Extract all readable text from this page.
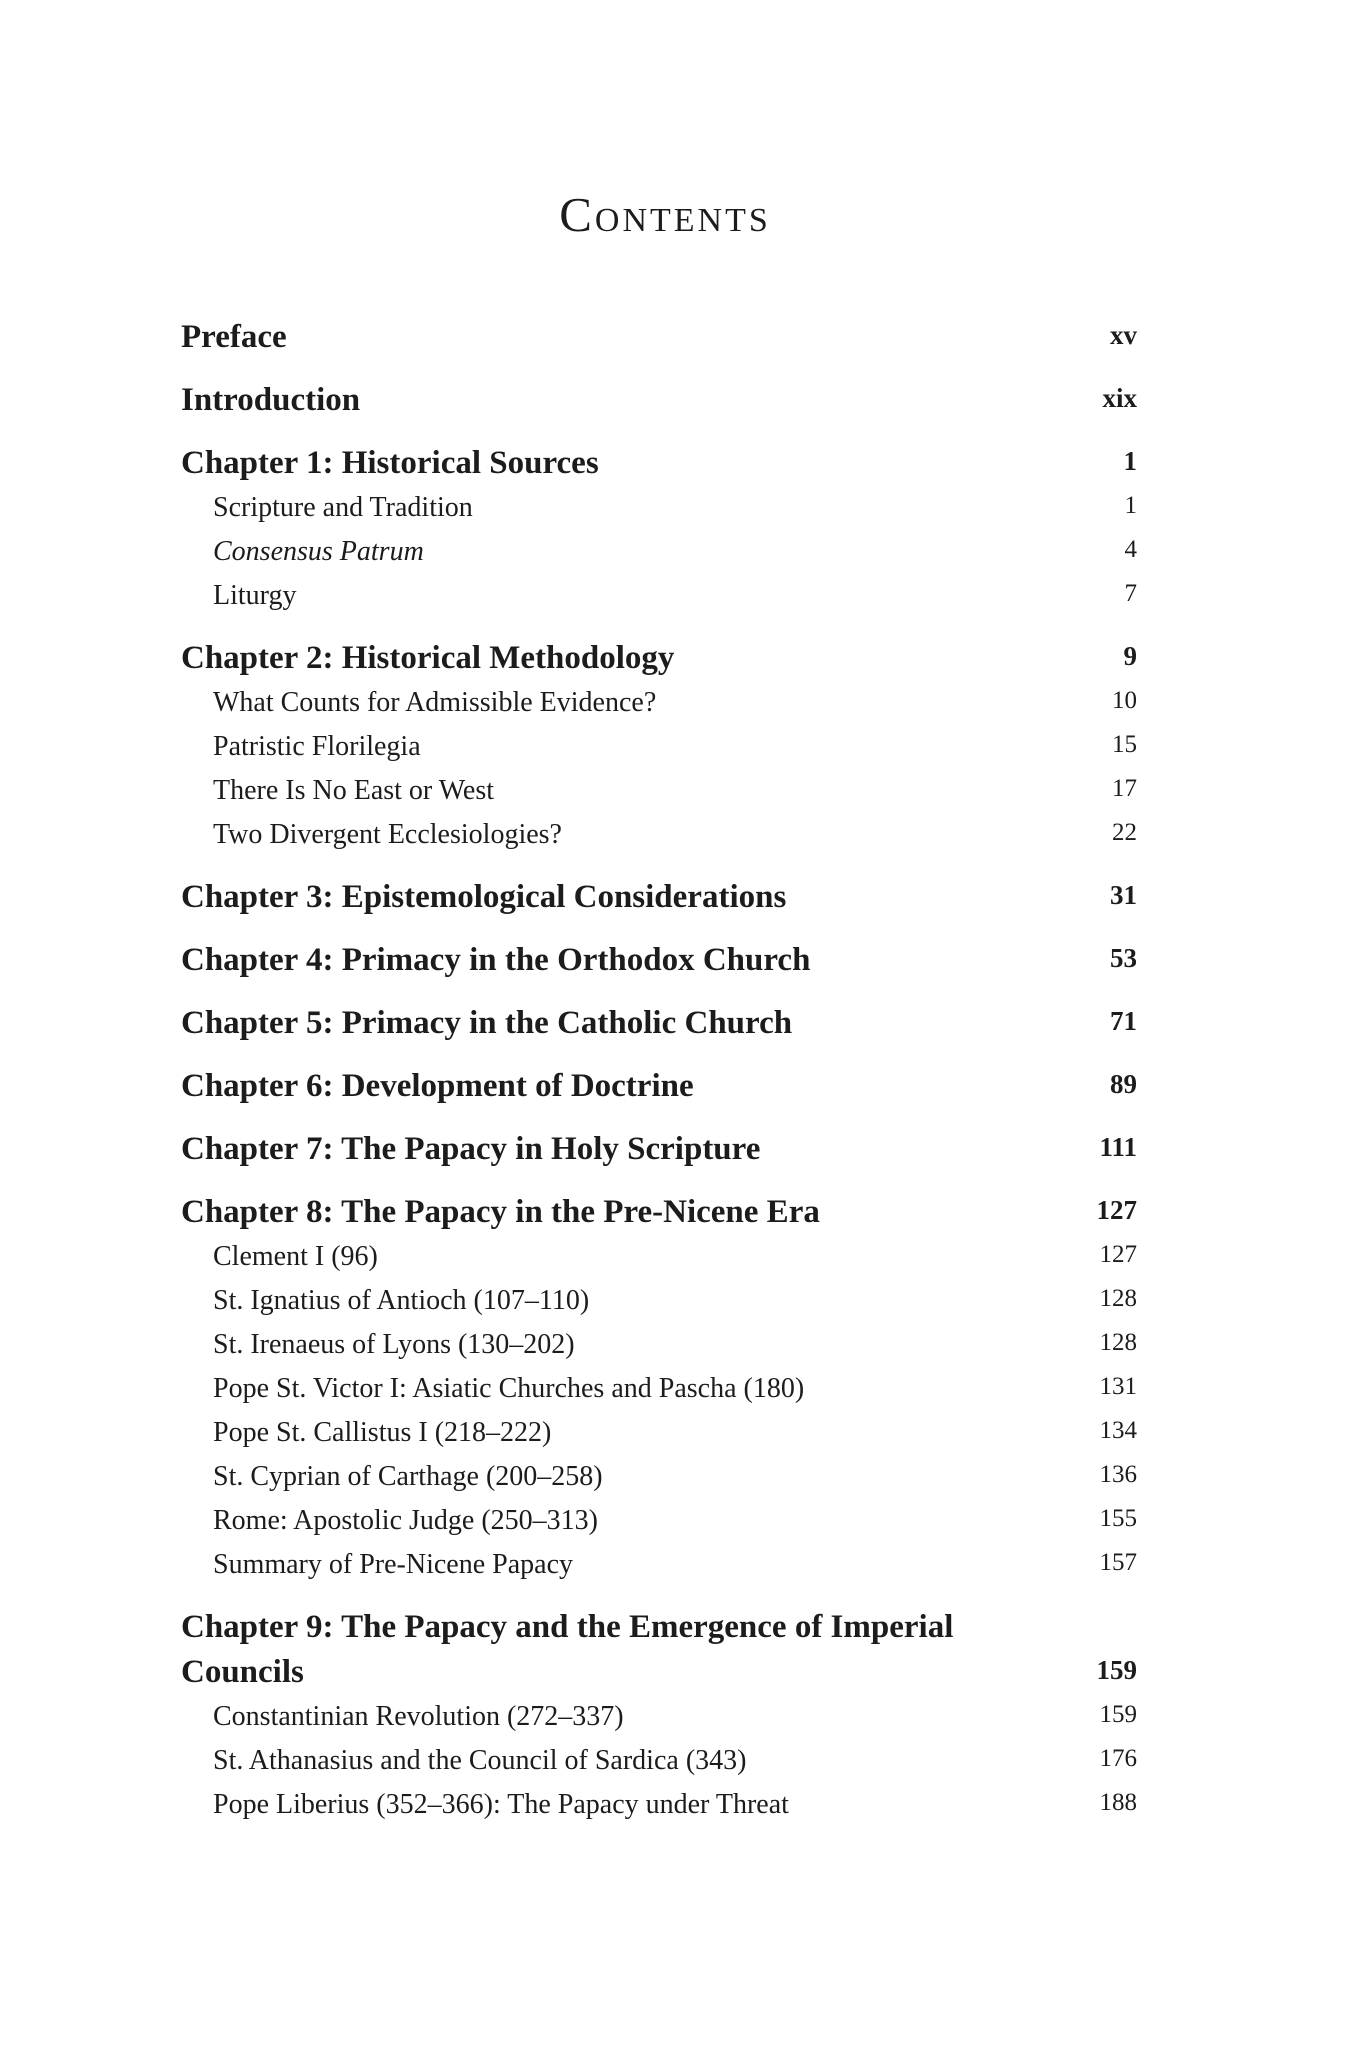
Contents
Preface	xv
Introduction	xix
Chapter 1: Historical Sources	1
Scripture and Tradition	1
Consensus Patrum	4
Liturgy	7
Chapter 2: Historical Methodology	9
What Counts for Admissible Evidence?	10
Patristic Florilegia	15
There Is No East or West	17
Two Divergent Ecclesiologies?	22
Chapter 3: Epistemological Considerations	31
Chapter 4: Primacy in the Orthodox Church	53
Chapter 5: Primacy in the Catholic Church	71
Chapter 6: Development of Doctrine	89
Chapter 7: The Papacy in Holy Scripture	111
Chapter 8: The Papacy in the Pre-Nicene Era	127
Clement I (96)	127
St. Ignatius of Antioch (107–110)	128
St. Irenaeus of Lyons (130–202)	128
Pope St. Victor I: Asiatic Churches and Pascha (180)	131
Pope St. Callistus I (218–222)	134
St. Cyprian of Carthage (200–258)	136
Rome: Apostolic Judge (250–313)	155
Summary of Pre-Nicene Papacy	157
Chapter 9: The Papacy and the Emergence of Imperial Councils	159
Constantinian Revolution (272–337)	159
St. Athanasius and the Council of Sardica (343)	176
Pope Liberius (352–366): The Papacy under Threat	188
